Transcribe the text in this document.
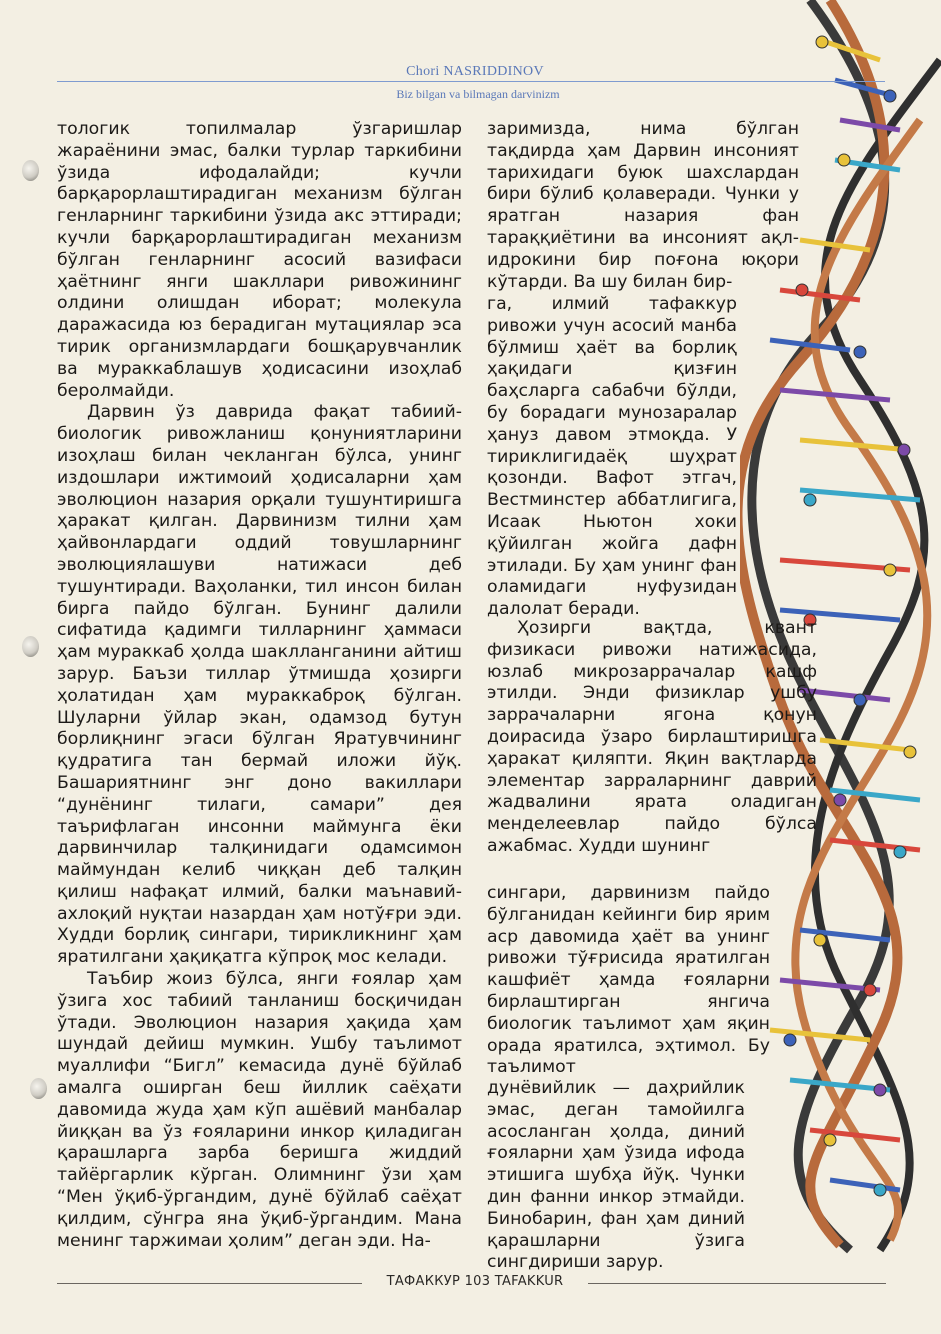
Chori NASRIDDINOV
Biz bilgan va bilmagan darvinizm

тологик топилмалар ўзгаришлар жараёнини эмас, балки турлар таркибини ўзида ифодалайди; кучли барқарорлаштирадиган механизм бўлган генларнинг таркибини ўзида акс эттиради; кучли барқарорлаштирадиган механизм бўлган генларнинг асосий вазифаси ҳаётнинг янги шакллари ривожининг олдини олишдан иборат; молекула даражасида юз берадиган мутациялар эса тирик организмлардаги бошқарувчанлик ва мураккаблашув ҳодисасини изоҳлаб беролмайди.

Дарвин ўз даврида фақат табиий-биологик ривожланиш қонуниятларини изоҳлаш билан чекланган бўлса, унинг издошлари ижтимоий ҳодисаларни ҳам эволюцион назария орқали тушунтиришга ҳаракат қилган. Дарвинизм тилни ҳам ҳайвонлардаги оддий товушларнинг эволюциялашуви натижаси деб тушунтиради. Ваҳоланки, тил инсон билан бирга пайдо бўлган. Бунинг далили сифатида қадимги тилларнинг ҳаммаси ҳам мураккаб ҳолда шаклланганини айтиш зарур. Баъзи тиллар ўтмишда ҳозирги ҳолатидан ҳам мураккаброқ бўлган. Шуларни ўйлар экан, одамзод бутун борлиқнинг эгаси бўлган Яратувчининг қудратига тан бермай иложи йўқ. Башариятнинг энг доно вакиллари “дунёнинг тилаги, самари” дея таърифлаган инсонни маймунга ёки дарвинчилар талқинидаги одамсимон маймундан келиб чиққан деб талқин қилиш нафақат илмий, балки маънавий-ахлоқий нуқтаи назардан ҳам нотўғри эди. Худди борлиқ сингари, тирикликнинг ҳам яратилгани ҳақиқатга кўпроқ мос келади.

Таъбир жоиз бўлса, янги ғоялар ҳам ўзига хос табиий танланиш босқичидан ўтади. Эволюцион назария ҳақида ҳам шундай дейиш мумкин. Ушбу таълимот муаллифи “Бигл” кемасида дунё бўйлаб амалга оширган беш йиллик саёҳати давомида жуда ҳам кўп ашёвий манбалар йиққан ва ўз ғояларини инкор қиладиган қарашларга зарба беришга жиддий тайёргарлик кўрган. Олимнинг ўзи ҳам “Мен ўқиб-ўргандим, дунё бўйлаб саёҳат қилдим, сўнгра яна ўқиб-ўргандим. Мана менинг таржимаи ҳолим” деган эди. На-

заримизда, нима бўлган тақдирда ҳам Дарвин инсоният тарихидаги буюк шахслардан бири бўлиб қолаверади. Чунки у яратган назария фан тараққиётини ва инсоният ақл-идрокини бир поғона юқори кўтарди. Ва шу билан бир-
га, илмий тафаккур ривожи учун асосий манба бўлмиш ҳаёт ва борлиқ ҳақидаги қизғин баҳсларга сабабчи бўлди, бу борадаги мунозаралар ҳануз давом этмоқда. У тириклигидаёқ шуҳрат қозонди. Вафот этгач, Вестминстер аббатлигига, Исаак Ньютон хоки қўйилган жойга дафн этилади. Бу ҳам унинг фан оламидаги нуфузидан далолат беради.

Ҳозирги вақтда, квант физикаси ривожи натижасида, юзлаб микрозаррачалар кашф этилди. Энди физиклар ушбу заррачаларни ягона қонун доирасида ўзаро бирлаштиришга ҳаракат қиляпти. Яқин вақтларда элементар зарраларнинг даврий жадвалини ярата оладиган менделеевлар пайдо бўлса ажабмас. Худди шунинг

сингари, дарвинизм пайдо бўлганидан кейинги бир ярим аср давомида ҳаёт ва унинг ривожи тўғрисида яратилган кашфиёт ҳамда ғояларни бирлаштирган янгича биологик таълимот ҳам яқин орада яратилса, эҳтимол. Бу таълимот
дунёвийлик — даҳрийлик эмас, деган тамойилга асосланган ҳолда, диний ғояларни ҳам ўзида ифода этишига шубҳа йўқ. Чунки дин фанни инкор этмайди. Бинобарин, фан ҳам диний қарашларни ўзига сингдириши зарур.
ТАФАККУР 103 TAFAKKUR
